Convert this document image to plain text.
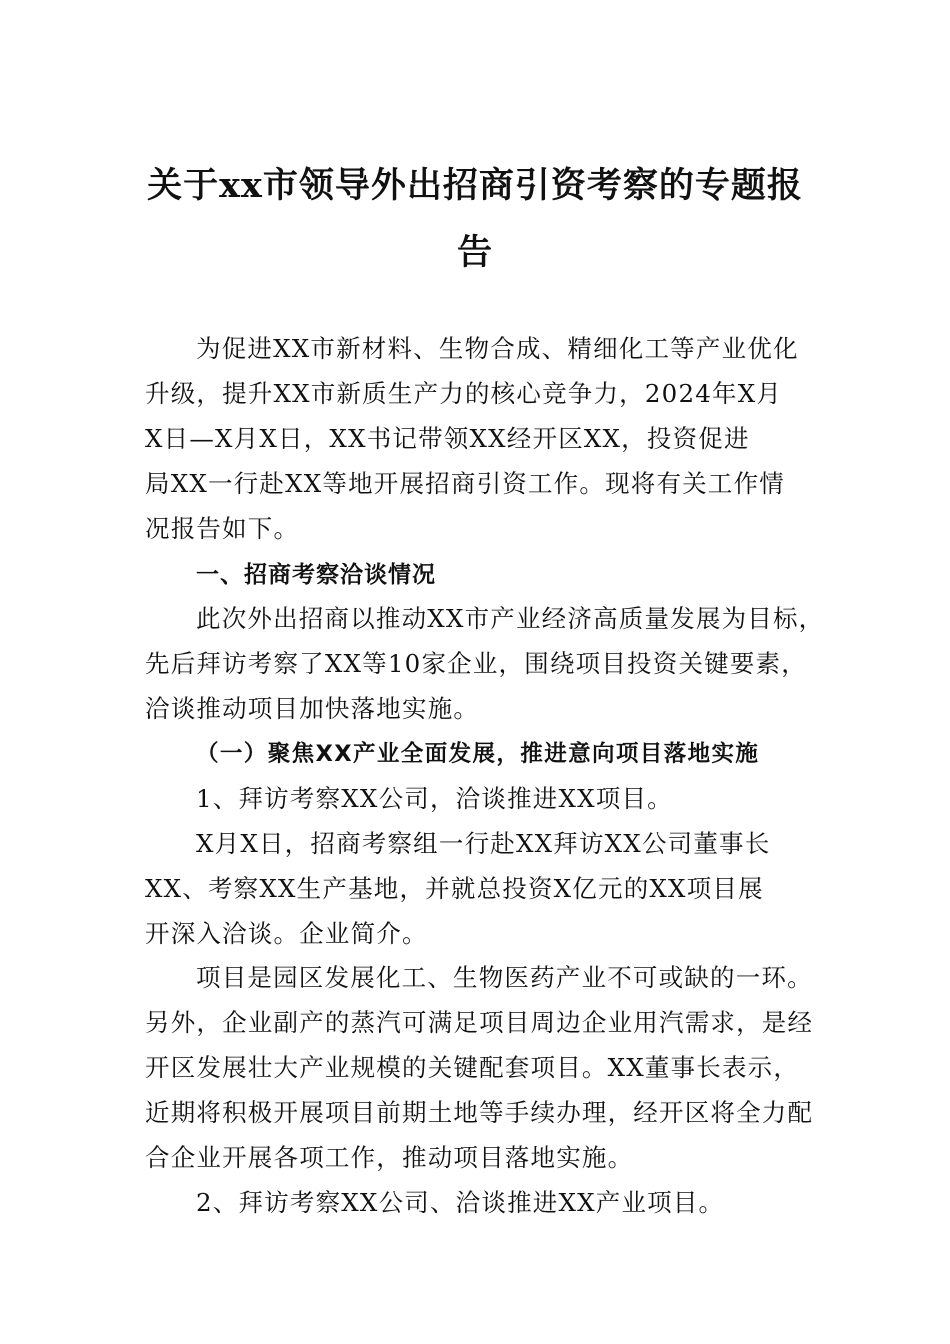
关于xx市领导外出招商引资考察的专题报
告
为促进XX市新材料、生物合成、精细化工等产业优化
升级，提升XX市新质生产力的核心竞争力，2024年X月
X日—X月X日，XX书记带领XX经开区XX，投资促进
局XX一行赴XX等地开展招商引资工作。现将有关工作情
况报告如下。
一、招商考察洽谈情况
此次外出招商以推动XX市产业经济高质量发展为目标，
先后拜访考察了XX等10家企业，围绕项目投资关键要素，
洽谈推动项目加快落地实施。
（一）聚焦XX产业全面发展，推进意向项目落地实施
1、拜访考察XX公司，洽谈推进XX项目。
X月X日，招商考察组一行赴XX拜访XX公司董事长
XX、考察XX生产基地，并就总投资X亿元的XX项目展
开深入洽谈。企业简介。
项目是园区发展化工、生物医药产业不可或缺的一环。
另外，企业副产的蒸汽可满足项目周边企业用汽需求，是经
开区发展壮大产业规模的关键配套项目。XX董事长表示，
近期将积极开展项目前期土地等手续办理，经开区将全力配
合企业开展各项工作，推动项目落地实施。
2、拜访考察XX公司、洽谈推进XX产业项目。
